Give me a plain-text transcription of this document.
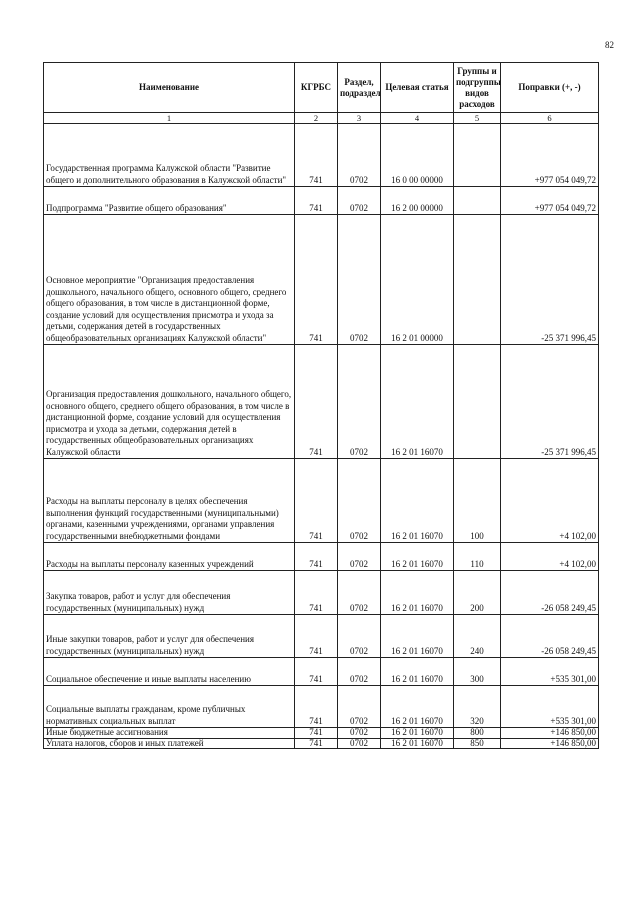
82
Наименование	КГРБС	Раздел, подраздел	Целевая статья	Группы и подгруппы видов расходов	Поправки (+, -)
1	2	3	4	5	6
Государственная программа Калужской области "Развитие общего и дополнительного образования в Калужской области"	741	0702	16 0 00 00000		+977 054 049,72
Подпрограмма "Развитие общего образования"	741	0702	16 2 00 00000		+977 054 049,72
Основное мероприятие "Организация предоставления дошкольного, начального общего, основного общего, среднего общего образования, в том числе в дистанционной форме, создание условий для осуществления присмотра и ухода за детьми, содержания детей в государственных общеобразовательных организациях Калужской области"	741	0702	16 2 01 00000		-25 371 996,45
Организация предоставления дошкольного, начального общего, основного общего, среднего общего образования, в том числе в дистанционной форме, создание условий для осуществления присмотра и ухода за детьми, содержания детей в государственных общеобразовательных организациях Калужской области	741	0702	16 2 01 16070		-25 371 996,45
Расходы на выплаты персоналу в целях обеспечения выполнения функций государственными (муниципальными) органами, казенными учреждениями, органами управления государственными внебюджетными фондами	741	0702	16 2 01 16070	100	+4 102,00
Расходы на выплаты персоналу казенных учреждений	741	0702	16 2 01 16070	110	+4 102,00
Закупка товаров, работ и услуг для обеспечения государственных (муниципальных) нужд	741	0702	16 2 01 16070	200	-26 058 249,45
Иные закупки товаров, работ и услуг для обеспечения государственных (муниципальных) нужд	741	0702	16 2 01 16070	240	-26 058 249,45
Социальное обеспечение и иные выплаты населению	741	0702	16 2 01 16070	300	+535 301,00
Социальные выплаты гражданам, кроме публичных нормативных социальных выплат	741	0702	16 2 01 16070	320	+535 301,00
Иные бюджетные ассигнования	741	0702	16 2 01 16070	800	+146 850,00
Уплата налогов, сборов и иных платежей	741	0702	16 2 01 16070	850	+146 850,00
